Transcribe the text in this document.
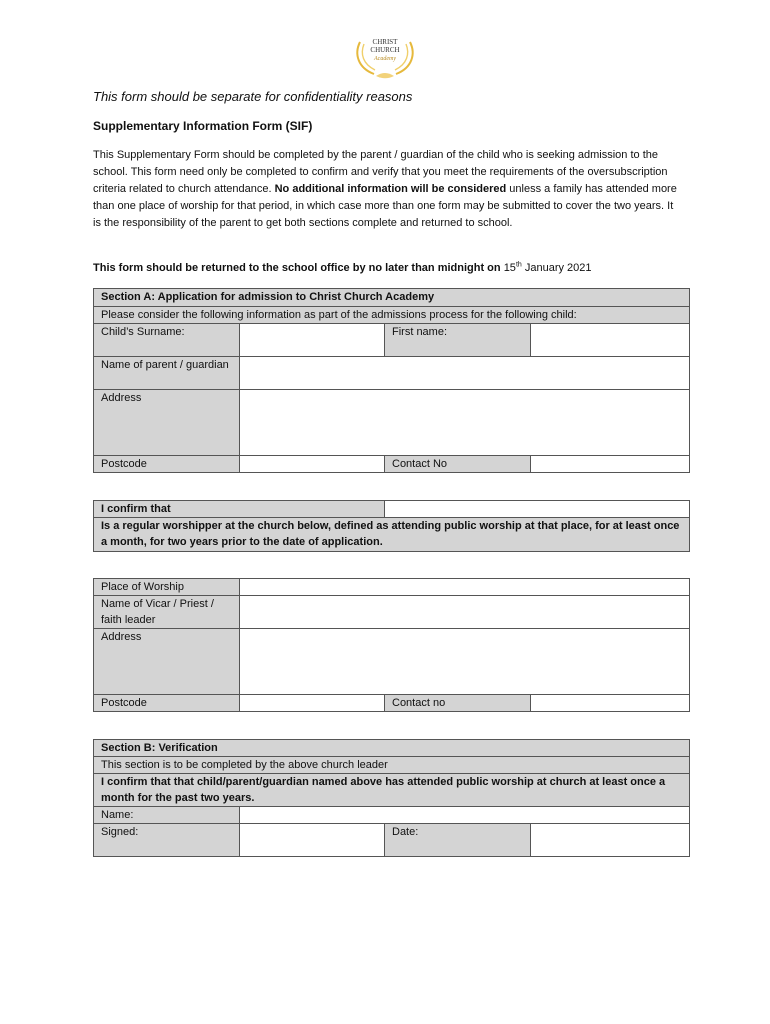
CHRIST
CHURCH
Academy
This form should be separate for confidentiality reasons
Supplementary Information Form (SIF)

This Supplementary Form should be completed by the parent / guardian of the child who is seeking admission to the school. This form need only be completed to confirm and verify that you meet the requirements of the oversubscription criteria related to church attendance. No additional information will be considered unless a family has attended more than one place of worship for that period, in which case more than one form may be submitted to cover the two years. It is the responsibility of the parent to get both sections complete and returned to school.

This form should be returned to the school office by no later than midnight on 15th January 2021
Section A: Application for admission to Christ Church Academy			
Please consider the following information as part of the admissions process for the following child:			
Child’s Surname:		First name:	
Name of parent / guardian			
Address			
Postcode		Contact No	
I confirm that	
Is a regular worshipper at the church below, defined as attending public worship at that place, for at least once a month, for two years prior to the date of application.
Place of Worship			
Name of Vicar / Priest / faith leader			
Address			
Postcode		Contact no	
Section B: Verification			
This section is to be completed by the above church leader			
I confirm that that child/parent/guardian named above has attended public worship at church at least once a month for the past two years.			
Name:			
Signed:		Date:	
